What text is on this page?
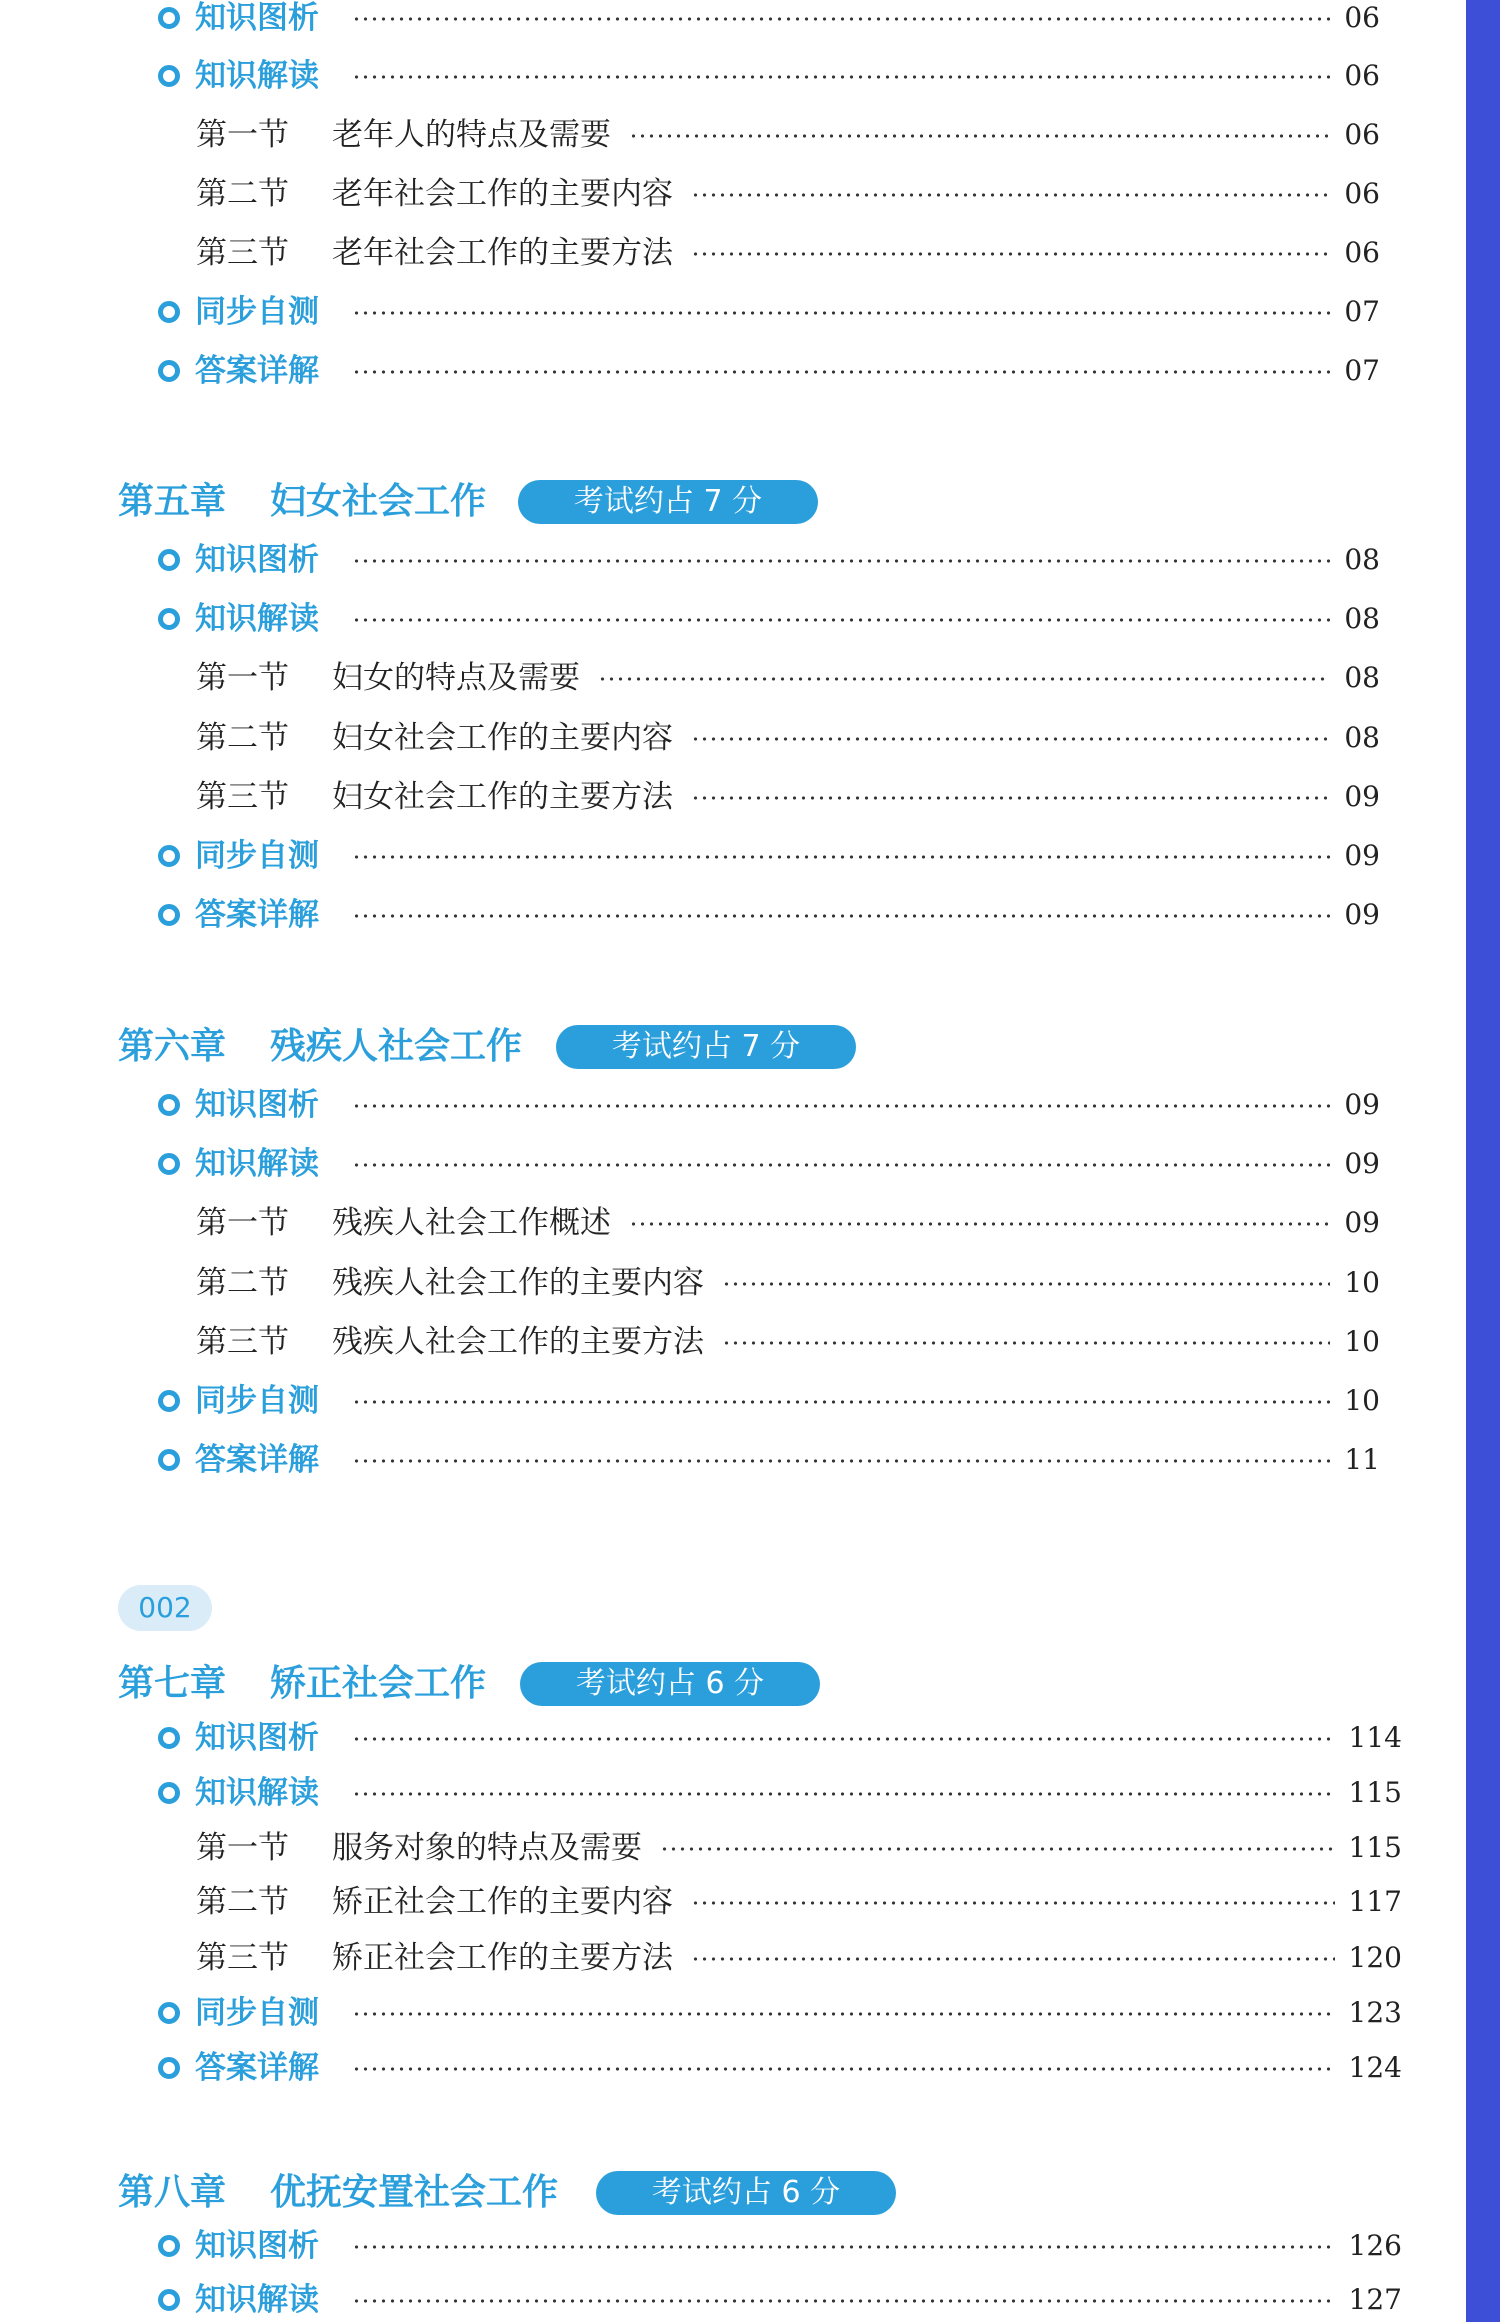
知识图析	06
知识解读	06
第一节 老年人的特点及需要	06
第二节 老年社会工作的主要内容	06
第三节 老年社会工作的主要方法	06
同步自测	07
答案详解	07
第五章 妇女社会工作	考试约占 7 分
知识图析	08
知识解读	08
第一节 妇女的特点及需要	08
第二节 妇女社会工作的主要内容	08
第三节 妇女社会工作的主要方法	09
同步自测	09
答案详解	09
第六章 残疾人社会工作	考试约占 7 分
知识图析	09
知识解读	09
第一节 残疾人社会工作概述	09
第二节 残疾人社会工作的主要内容	10
第三节 残疾人社会工作的主要方法	10
同步自测	10
答案详解	11
第七章 矫正社会工作	考试约占 6 分
知识图析	114
知识解读	115
第一节 服务对象的特点及需要	115
第二节 矫正社会工作的主要内容	117
第三节 矫正社会工作的主要方法	120
同步自测	123
答案详解	124
第八章 优抚安置社会工作	考试约占 6 分
知识图析	126
知识解读	127
002
